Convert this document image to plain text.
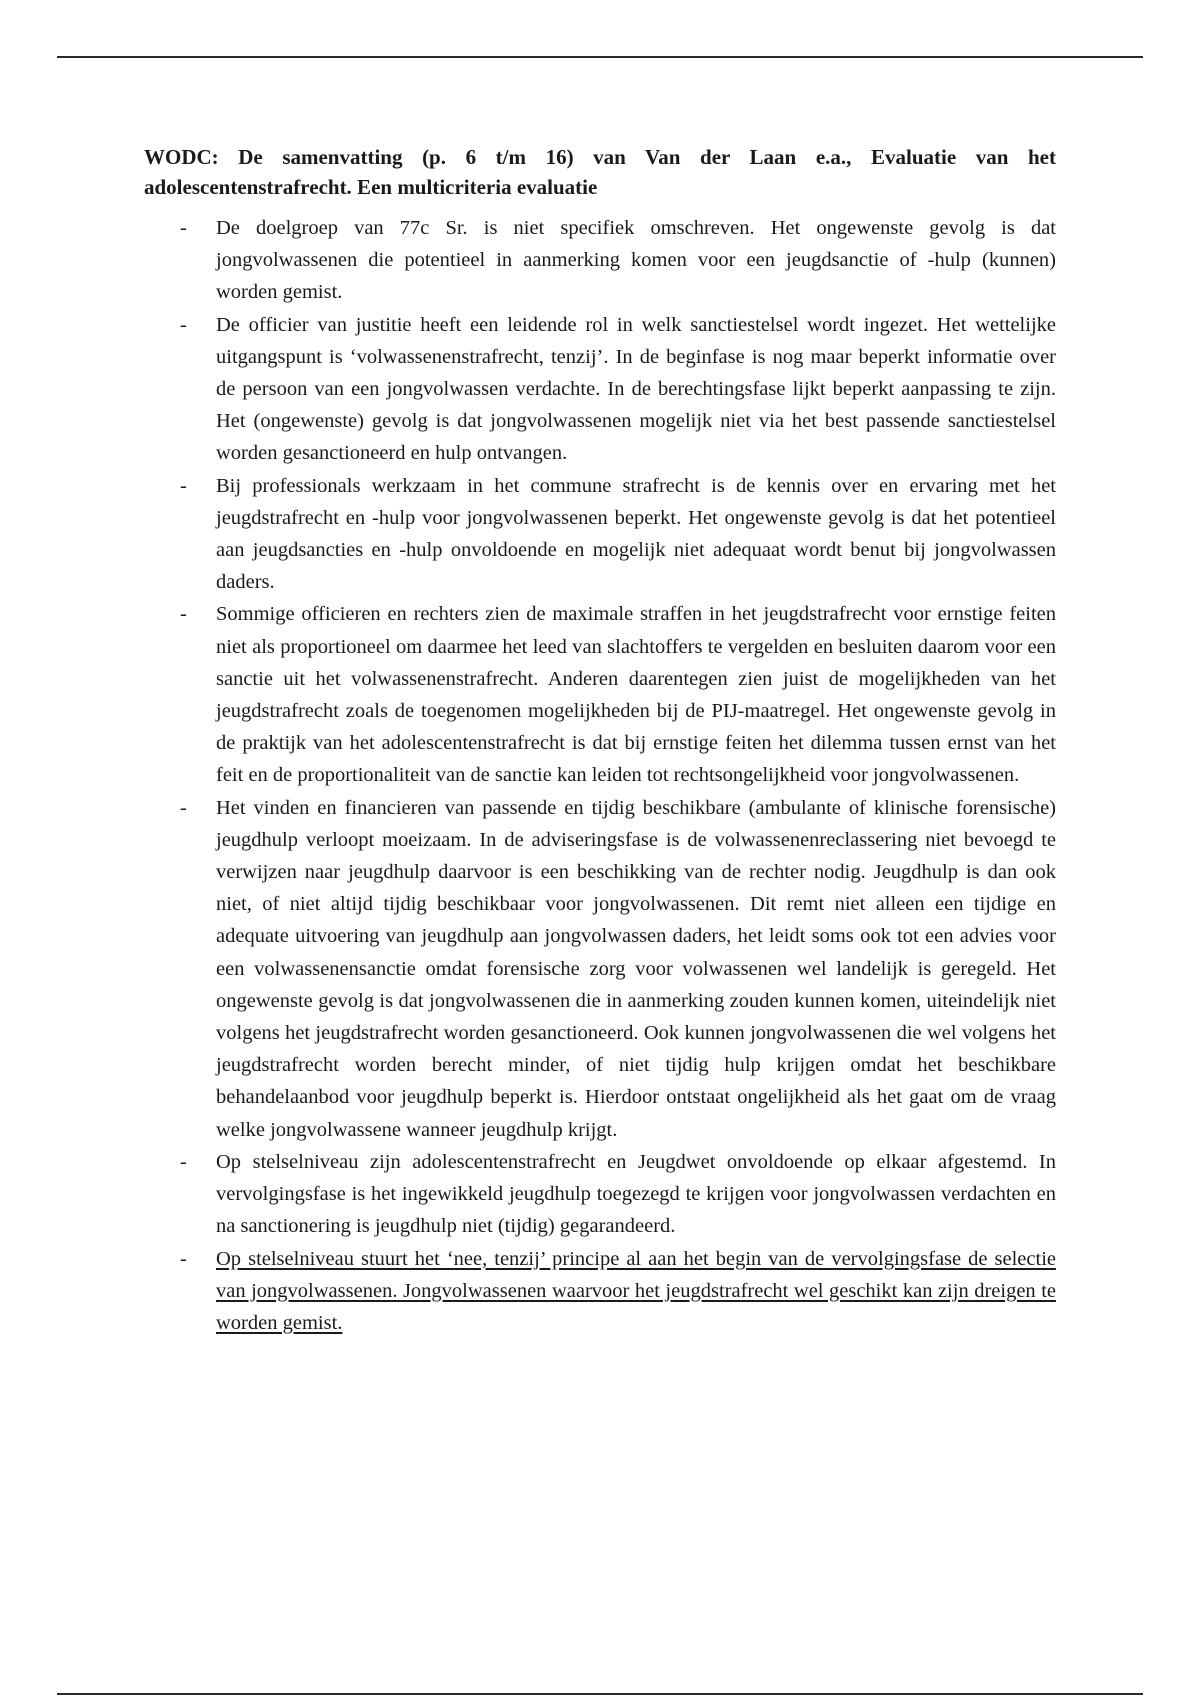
WODC: De samenvatting (p. 6 t/m 16) van Van der Laan e.a., Evaluatie van het adolescentenstrafrecht. Een multicriteria evaluatie

- De doelgroep van 77c Sr. is niet specifiek omschreven. Het ongewenste gevolg is dat jongvolwassenen die potentieel in aanmerking komen voor een jeugdsanctie of -hulp (kunnen) worden gemist.
- De officier van justitie heeft een leidende rol in welk sanctiestelsel wordt ingezet. Het wettelijke uitgangspunt is ‘volwassenenstrafrecht, tenzij’. In de beginfase is nog maar beperkt informatie over de persoon van een jongvolwassen verdachte. In de berechtingsfase lijkt beperkt aanpassing te zijn. Het (ongewenste) gevolg is dat jongvolwassenen mogelijk niet via het best passende sanctiestelsel worden gesanctioneerd en hulp ontvangen.
- Bij professionals werkzaam in het commune strafrecht is de kennis over en ervaring met het jeugdstrafrecht en -hulp voor jongvolwassenen beperkt. Het ongewenste gevolg is dat het potentieel aan jeugdsancties en -hulp onvoldoende en mogelijk niet adequaat wordt benut bij jongvolwassen daders.
- Sommige officieren en rechters zien de maximale straffen in het jeugdstrafrecht voor ernstige feiten niet als proportioneel om daarmee het leed van slachtoffers te vergelden en besluiten daarom voor een sanctie uit het volwassenenstrafrecht. Anderen daarentegen zien juist de mogelijkheden van het jeugdstrafrecht zoals de toegenomen mogelijkheden bij de PIJ-maatregel. Het ongewenste gevolg in de praktijk van het adolescentenstrafrecht is dat bij ernstige feiten het dilemma tussen ernst van het feit en de proportionaliteit van de sanctie kan leiden tot rechtsongelijkheid voor jongvolwassenen.
- Het vinden en financieren van passende en tijdig beschikbare (ambulante of klinische forensische) jeugdhulp verloopt moeizaam. In de adviseringsfase is de volwassenenreclassering niet bevoegd te verwijzen naar jeugdhulp daarvoor is een beschikking van de rechter nodig. Jeugdhulp is dan ook niet, of niet altijd tijdig beschikbaar voor jongvolwassenen. Dit remt niet alleen een tijdige en adequate uitvoering van jeugdhulp aan jongvolwassen daders, het leidt soms ook tot een advies voor een volwassenensanctie omdat forensische zorg voor volwassenen wel landelijk is geregeld. Het ongewenste gevolg is dat jongvolwassenen die in aanmerking zouden kunnen komen, uiteindelijk niet volgens het jeugdstrafrecht worden gesanctioneerd. Ook kunnen jongvolwassenen die wel volgens het jeugdstrafrecht worden berecht minder, of niet tijdig hulp krijgen omdat het beschikbare behandelaanbod voor jeugdhulp beperkt is. Hierdoor ontstaat ongelijkheid als het gaat om de vraag welke jongvolwassene wanneer jeugdhulp krijgt.
- Op stelselniveau zijn adolescentenstrafrecht en Jeugdwet onvoldoende op elkaar afgestemd. In vervolgingsfase is het ingewikkeld jeugdhulp toegezegd te krijgen voor jongvolwassen verdachten en na sanctionering is jeugdhulp niet (tijdig) gegarandeerd.
- Op stelselniveau stuurt het ‘nee, tenzij’ principe al aan het begin van de vervolgingsfase de selectie van jongvolwassenen. Jongvolwassenen waarvoor het jeugdstrafrecht wel geschikt kan zijn dreigen te worden gemist.
